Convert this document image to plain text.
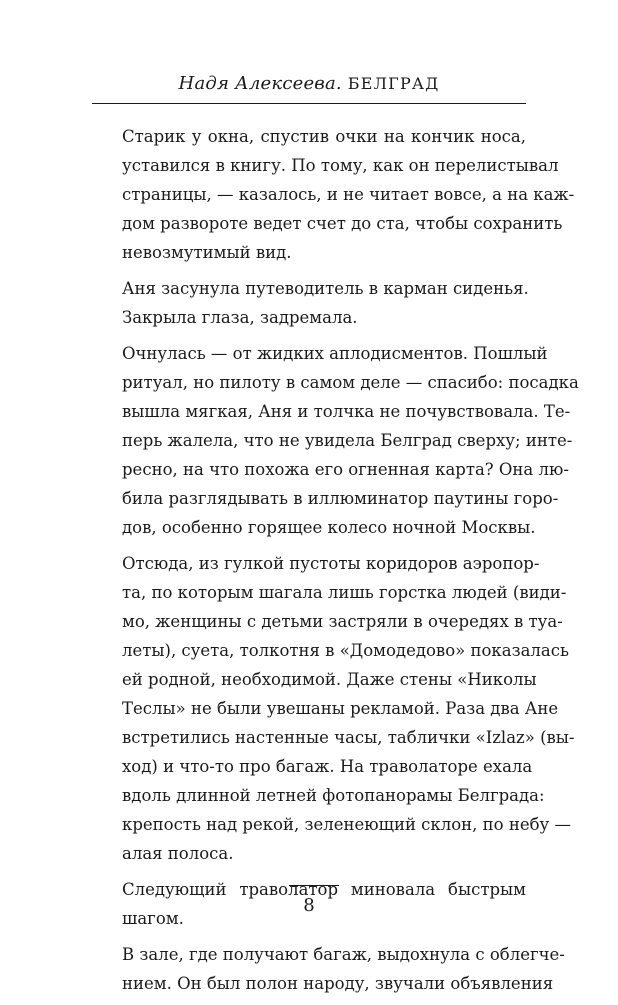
Надя Алексеева. БЕЛГРАД
Старик у окна, спустив очки на кончик носа,
уставился в книгу. По тому, как он перелистывал
страницы, — казалось, и не читает вовсе, а на каж-
дом развороте ведет счет до ста, чтобы сохранить
невозмутимый вид.
Аня засунула путеводитель в карман сиденья.
Закрыла глаза, задремала.
Очнулась — от жидких аплодисментов. Пошлый
ритуал, но пилоту в самом деле — спасибо: посадка
вышла мягкая, Аня и толчка не почувствовала. Те-
перь жалела, что не увидела Белград сверху; инте-
ресно, на что похожа его огненная карта? Она лю-
била разглядывать в иллюминатор паутины горо-
дов, особенно горящее колесо ночной Москвы.
Отсюда, из гулкой пустоты коридоров аэропор-
та, по которым шагала лишь горстка людей (види-
мо, женщины с детьми застряли в очередях в туа-
леты), суета, толкотня в «Домодедово» показалась
ей родной, необходимой. Даже стены «Николы
Теслы» не были увешаны рекламой. Раза два Ане
встретились настенные часы, таблички «Izlaz» (вы-
ход) и что-то про багаж. На траволаторе ехала
вдоль длинной летней фотопанорамы Белграда:
крепость над рекой, зеленеющий склон, по небу —
алая полоса.
Следующий траволатор миновала быстрым
шагом.
В зале, где получают багаж, выдохнула с облегче-
нием. Он был полон народу, звучали объявления
8
